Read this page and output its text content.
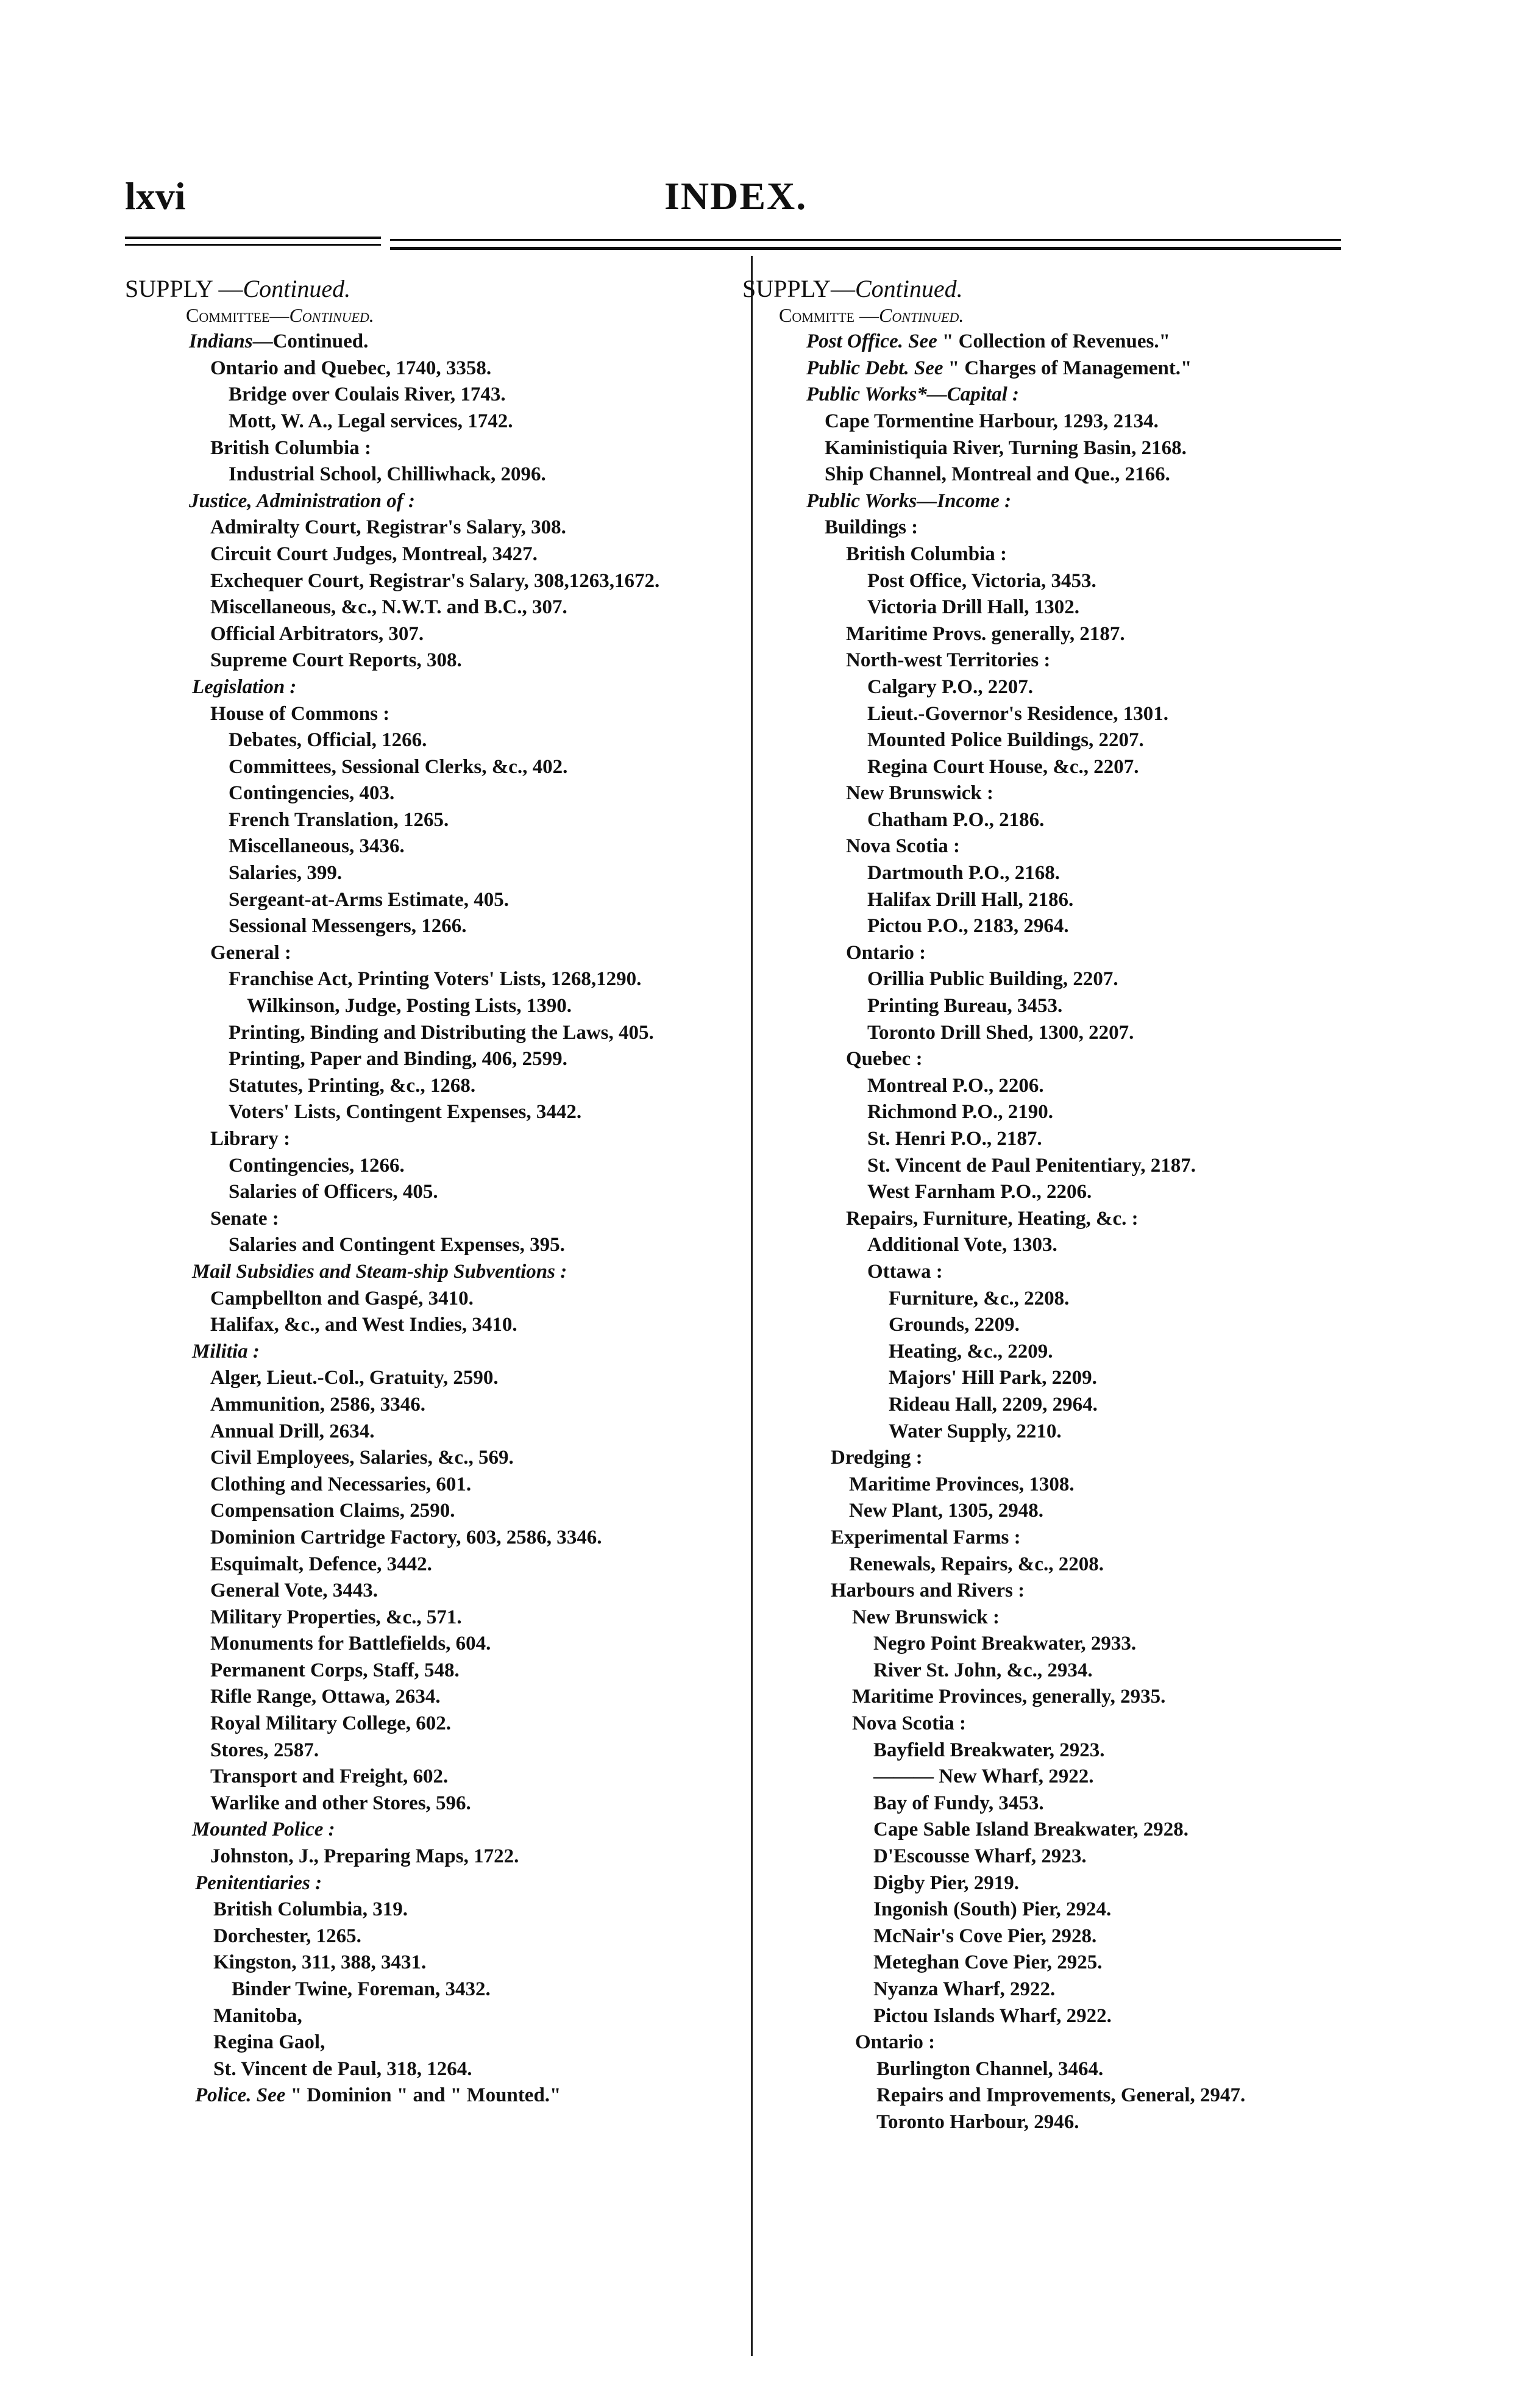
lxvi	INDEX.
SUPPLY —Continued.
Committee—Continued.
Indians—Continued.
Ontario and Quebec, 1740, 3358.
Bridge over Coulais River, 1743.
Mott, W. A., Legal services, 1742.
British Columbia :
Industrial School, Chilliwhack, 2096.
Justice, Administration of :
Admiralty Court, Registrar's Salary, 308.
Circuit Court Judges, Montreal, 3427.
Exchequer Court, Registrar's Salary, 308,1263,1672.
Miscellaneous, &c., N.W.T. and B.C., 307.
Official Arbitrators, 307.
Supreme Court Reports, 308.
Legislation :
House of Commons :
Debates, Official, 1266.
Committees, Sessional Clerks, &c., 402.
Contingencies, 403.
French Translation, 1265.
Miscellaneous, 3436.
Salaries, 399.
Sergeant-at-Arms Estimate, 405.
Sessional Messengers, 1266.
General :
Franchise Act, Printing Voters' Lists, 1268,1290.
Wilkinson, Judge, Posting Lists, 1390.
Printing, Binding and Distributing the Laws, 405.
Printing, Paper and Binding, 406, 2599.
Statutes, Printing, &c., 1268.
Voters' Lists, Contingent Expenses, 3442.
Library :
Contingencies, 1266.
Salaries of Officers, 405.
Senate :
Salaries and Contingent Expenses, 395.
Mail Subsidies and Steam-ship Subventions :
Campbellton and Gaspé, 3410.
Halifax, &c., and West Indies, 3410.
Militia :
Alger, Lieut.-Col., Gratuity, 2590.
Ammunition, 2586, 3346.
Annual Drill, 2634.
Civil Employees, Salaries, &c., 569.
Clothing and Necessaries, 601.
Compensation Claims, 2590.
Dominion Cartridge Factory, 603, 2586, 3346.
Esquimalt, Defence, 3442.
General Vote, 3443.
Military Properties, &c., 571.
Monuments for Battlefields, 604.
Permanent Corps, Staff, 548.
Rifle Range, Ottawa, 2634.
Royal Military College, 602.
Stores, 2587.
Transport and Freight, 602.
Warlike and other Stores, 596.
Mounted Police :
Johnston, J., Preparing Maps, 1722.
Penitentiaries :
British Columbia, 319.
Dorchester, 1265.
Kingston, 311, 388, 3431.
Binder Twine, Foreman, 3432.
Manitoba,
Regina Gaol,
St. Vincent de Paul, 318, 1264.
Police. See " Dominion " and " Mounted."
SUPPLY—Continued.
Committe —Continued.
Post Office. See " Collection of Revenues."
Public Debt. See " Charges of Management."
Public Works*—Capital :
Cape Tormentine Harbour, 1293, 2134.
Kaministiquia River, Turning Basin, 2168.
Ship Channel, Montreal and Que., 2166.
Public Works—Income :
Buildings :
British Columbia :
Post Office, Victoria, 3453.
Victoria Drill Hall, 1302.
Maritime Provs. generally, 2187.
North-west Territories :
Calgary P.O., 2207.
Lieut.-Governor's Residence, 1301.
Mounted Police Buildings, 2207.
Regina Court House, &c., 2207.
New Brunswick :
Chatham P.O., 2186.
Nova Scotia :
Dartmouth P.O., 2168.
Halifax Drill Hall, 2186.
Pictou P.O., 2183, 2964.
Ontario :
Orillia Public Building, 2207.
Printing Bureau, 3453.
Toronto Drill Shed, 1300, 2207.
Quebec :
Montreal P.O., 2206.
Richmond P.O., 2190.
St. Henri P.O., 2187.
St. Vincent de Paul Penitentiary, 2187.
West Farnham P.O., 2206.
Repairs, Furniture, Heating, &c. :
Additional Vote, 1303.
Ottawa :
Furniture, &c., 2208.
Grounds, 2209.
Heating, &c., 2209.
Majors' Hill Park, 2209.
Rideau Hall, 2209, 2964.
Water Supply, 2210.
Dredging :
Maritime Provinces, 1308.
New Plant, 1305, 2948.
Experimental Farms :
Renewals, Repairs, &c., 2208.
Harbours and Rivers :
New Brunswick :
Negro Point Breakwater, 2933.
River St. John, &c., 2934.
Maritime Provinces, generally, 2935.
Nova Scotia :
Bayfield Breakwater, 2923.
——— New Wharf, 2922.
Bay of Fundy, 3453.
Cape Sable Island Breakwater, 2928.
D'Escousse Wharf, 2923.
Digby Pier, 2919.
Ingonish (South) Pier, 2924.
McNair's Cove Pier, 2928.
Meteghan Cove Pier, 2925.
Nyanza Wharf, 2922.
Pictou Islands Wharf, 2922.
Ontario :
Burlington Channel, 3464.
Repairs and Improvements, General, 2947.
Toronto Harbour, 2946.
